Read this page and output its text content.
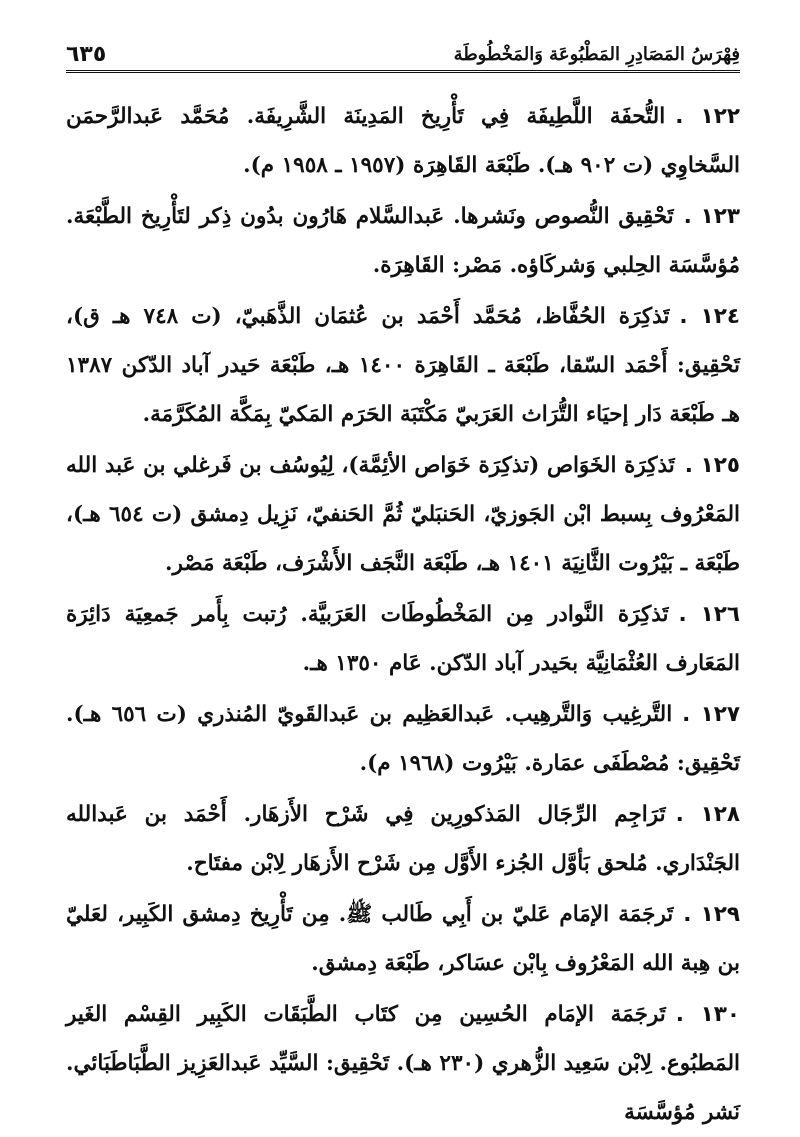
فِهْرَسُ المَصَادِرِ المَطْبُوعَة وَالمَخْطُوطَة
٦٣٥

١٢٢ .التُّحفَة اللَّطِيفَة فِي تَأْرِيخ المَدِينَة الشَّرِيفَة. مُحَمَّد عَبدالرَّحمَن السَّخاوِي (ت ٩٠٢ هـ). طَبْعَة القَاهِرَة (١٩٥٧ ـ ١٩٥٨ م).

١٢٣ .تَحْقِيق النُّصوص ونَشرها. عَبدالسَّلام هَارُون بدُون ذِكر لتَأْرِيخ الطَّبْعَة. مُؤسَّسَة الحِلبي وَشركَاؤه. مَصْر: القَاهِرَة.

١٢٤ .تَذكِرَة الحُفَّاظ، مُحَمَّد أَحْمَد بن عُثمَان الذَّهَبيّ، (ت ٧٤٨ هـ ق)، تَحْقِيق: أَحْمَد السّقا، طَبْعَة ـ القَاهِرَة ١٤٠٠ هـ، طَبْعَة حَيدر آباد الدّكن ١٣٨٧ هـ طَبْعَة دَار إحيَاء التُّرَاث العَرَبيّ مَكْتَبَة الحَرَم المَكيّ بِمَكَّة المُكَرَّمَة.

١٢٥ .تَذكِرَة الخَوَاص (تذكِرَة خَوَاص الأئِمَّة)، لِيُوسُف بن فَرغلي بن عَبد الله المَعْرُوف بِسبط ابْن الجَوزيّ، الحَنبَليّ ثُمَّ الحَنفيّ، نَزِيل دِمشق (ت ٦٥٤ هـ)، طَبْعَة ـ بَيْرُوت الثَّانِيَة ١٤٠١ هـ، طَبْعَة النَّجَف الأَشْرَف، طَبْعَة مَصْر.

١٢٦ .تَذكِرَة النَّوادر مِن المَخْطُوطَات العَرَبيَّة. رُتبت بِأَمر جَمعِيَة دَائِرَة المَعَارف العُثْمَانِيَّة بحَيدر آباد الدّكن. عَام ١٣٥٠ هـ.

١٢٧ .التَّرغِيب وَالتَّرهِيب. عَبدالعَظِيم بن عَبدالقَويّ المُنذري (ت ٦٥٦ هـ). تَحْقِيق: مُصْطَفَى عمَارة. بَيْرُوت (١٩٦٨ م).

١٢٨ .تَرَاجِم الرِّجَال المَذكورِين فِي شَرْح الأَزهَار. أَحْمَد بن عَبدالله الجَنْدَاري. مُلحق بَأوَّل الجُزء الأَوَّل مِن شَرْح الأَزهَار لِابْن مفتَاح.

١٢٩ .تَرجَمَة الإمَام عَليّ بن أَبِي طَالب ﷺ. مِن تَأْرِيخ دِمشق الكَبِير، لعَليّ بن هِبة الله المَعْرُوف بِابْن عسَاكر، طَبْعَة دِمشق.

١٣٠ .تَرجَمَة الإمَام الحُسِين مِن كتَاب الطَّبَقَات الكَبِير القِسْم الغَير المَطبُوع. لِابْن سَعِيد الزُّهري (٢٣٠ هـ). تَحْقِيق: السَّيِّد عَبدالعَزِيز الطَّبَاطَبَائي. نَشر مُؤسَّسَة
